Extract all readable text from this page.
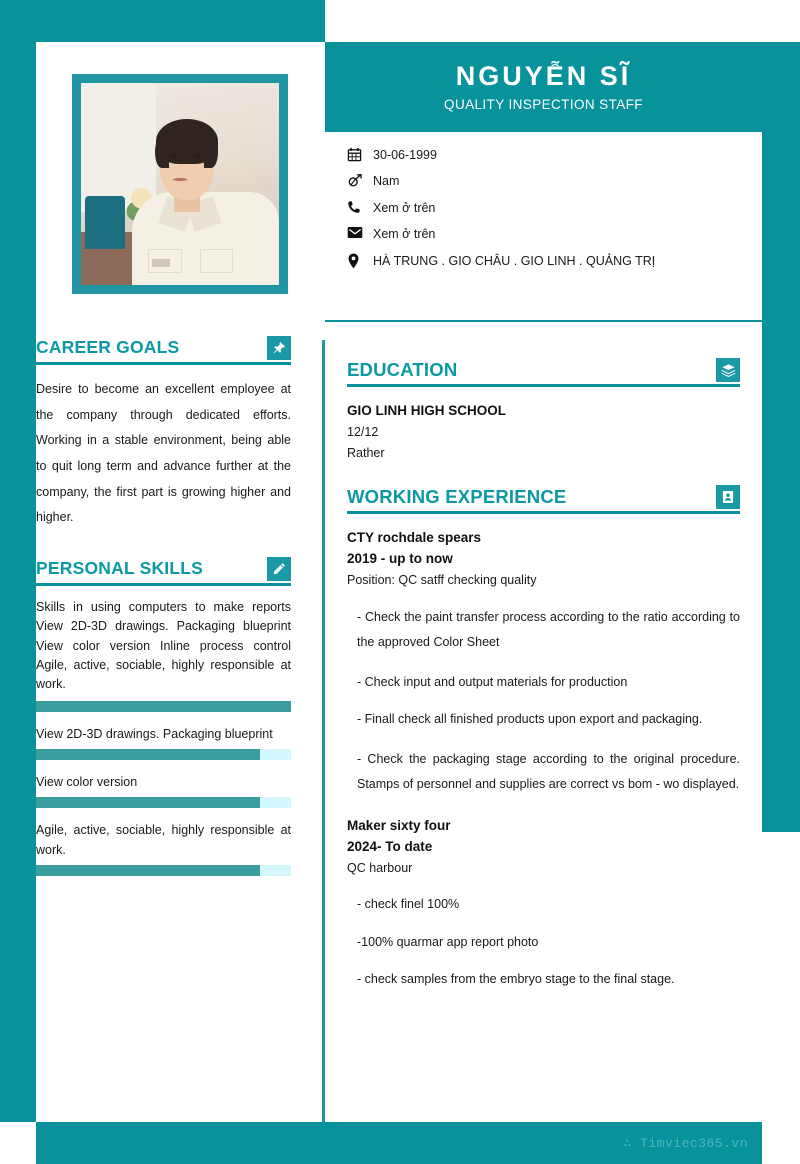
NGUYỄN SĨ
QUALITY INSPECTION STAFF
30-06-1999
Nam
Xem ở trên
Xem ở trên
HÀ TRUNG . GIO CHÂU . GIO LINH . QUẢNG TRỊ
CAREER GOALS

Desire to become an excellent employee at the company through dedicated efforts. Working in a stable environment, being able to quit long term and advance further at the company, the first part is growing higher and higher.

PERSONAL SKILLS
Skills in using computers to make reports View 2D-3D drawings. Packaging blueprint View color version Inline process control Agile, active, sociable, highly responsible at work.
View 2D-3D drawings. Packaging blueprint
View color version
Agile, active, sociable, highly responsible at work.
EDUCATION
GIO LINH HIGH SCHOOL
12/12
Rather
WORKING EXPERIENCE
CTY rochdale spears
2019 - up to now
Position: QC satff checking quality
- Check the paint transfer process according to the ratio according to the approved Color Sheet
- Check input and output materials for production
- Finall check all finished products upon export and packaging.
- Check the packaging stage according to the original procedure. Stamps of personnel and supplies are correct vs bom - wo displayed.
Maker sixty four
2024- To date
QC harbour
- check finel 100%
-100% quarmar app report photo
- check samples from the embryo stage to the final stage.
∴ Timviec365.vn
